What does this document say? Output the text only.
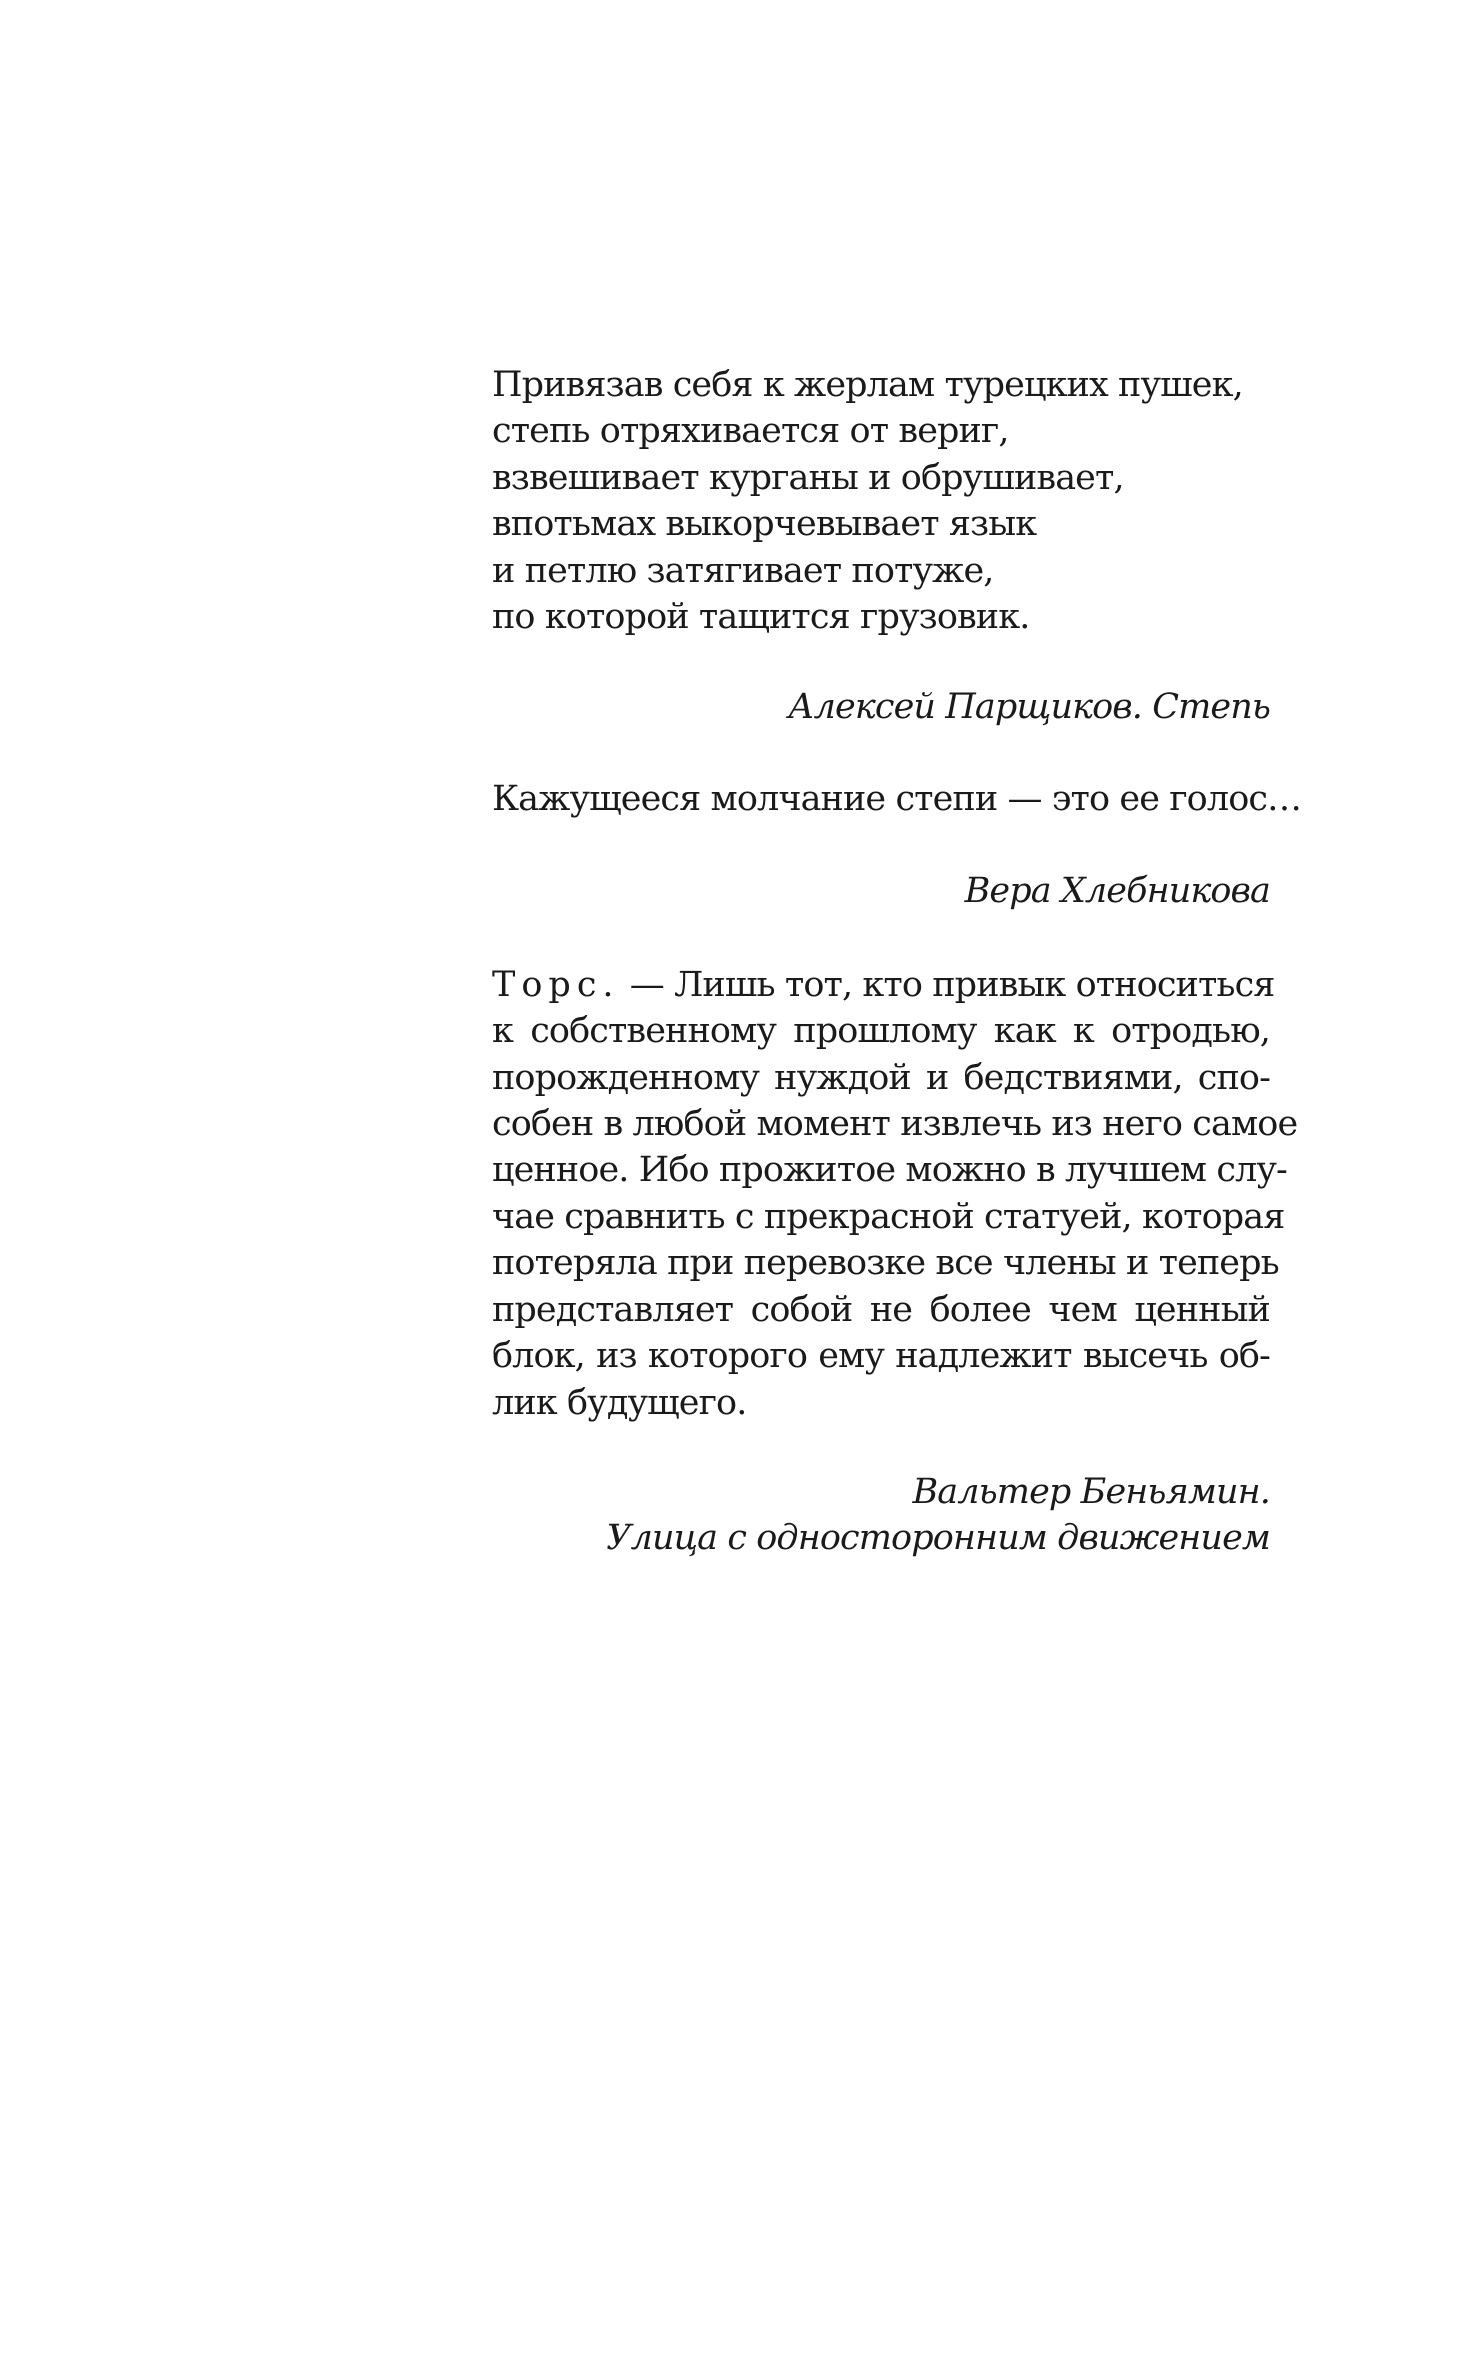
Привязав себя к жерлам турецких пушек,
степь отряхивается от вериг,
взвешивает курганы и обрушивает,
впотьмах выкорчевывает язык
и петлю затягивает потуже,
по которой тащится грузовик.
Алексей Парщиков. Степь
Кажущееся молчание степи — это ее голос…
Вера Хлебникова
Торс. — Лишь тот, кто привык относиться
к собственному прошлому как к отродью,
порожденному нуждой и бедствиями, спо-
собен в любой момент извлечь из него самое
ценное. Ибо прожитое можно в лучшем слу-
чае сравнить с прекрасной статуей, которая
потеряла при перевозке все члены и теперь
представляет собой не более чем ценный
блок, из которого ему надлежит высечь об-
лик будущего.
Вальтер Беньямин.
Улица с односторонним движением
